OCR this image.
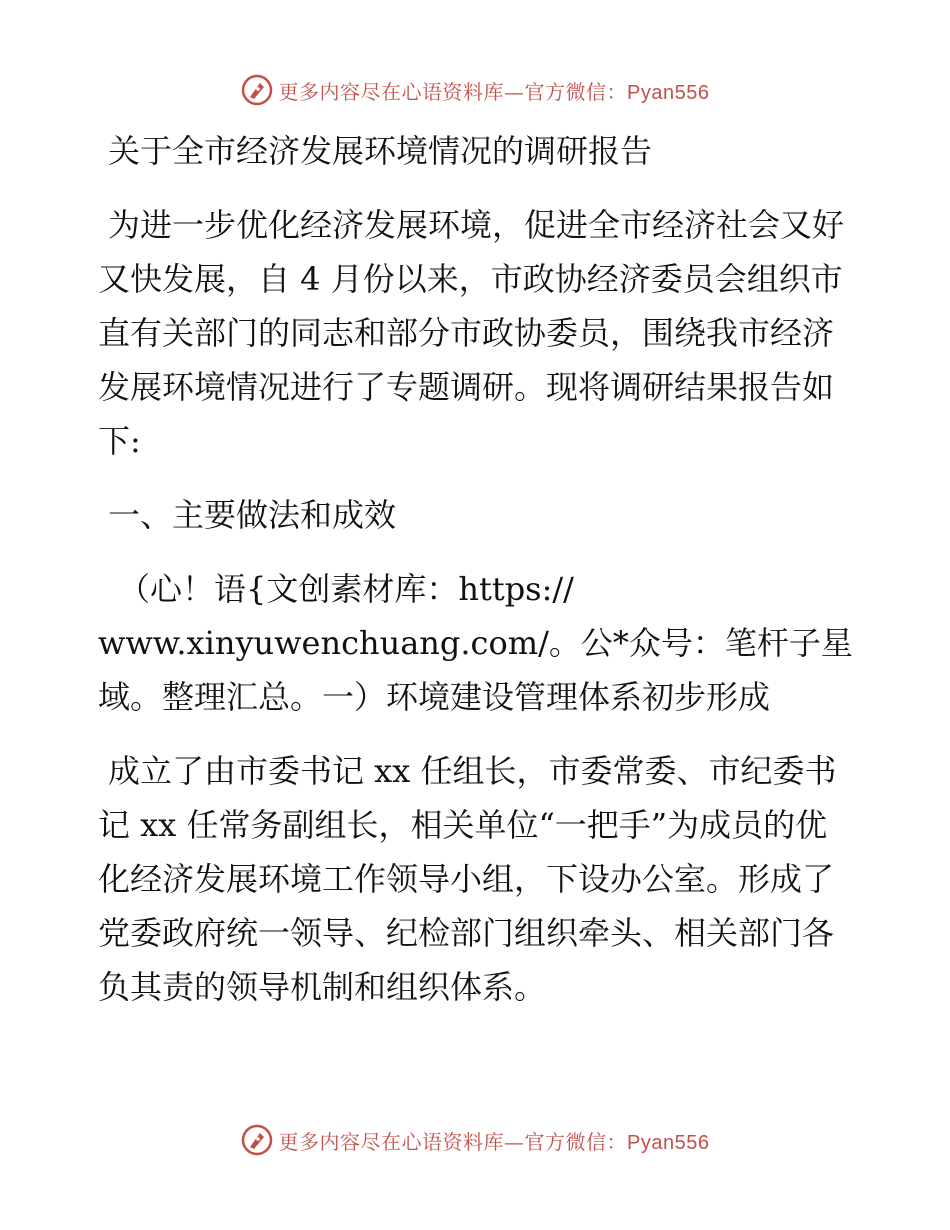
更多内容尽在心语资料库—官方微信：Pyan556

关于全市经济发展环境情况的调研报告

为进一步优化经济发展环境，促进全市经济社会又好又快发展，自 4 月份以来，市政协经济委员会组织市直有关部门的同志和部分市政协委员，围绕我市经济发展环境情况进行了专题调研。现将调研结果报告如下:

一、主要做法和成效

（心！语{文创素材库：https://
www.xinyuwenchuang.com/。公*众号：笔杆子星域。整理汇总。一）环境建设管理体系初步形成

成立了由市委书记 xx 任组长，市委常委、市纪委书记 xx 任常务副组长，相关单位“一把手”为成员的优化经济发展环境工作领导小组，下设办公室。形成了党委政府统一领导、纪检部门组织牵头、相关部门各负其责的领导机制和组织体系。

更多内容尽在心语资料库—官方微信：Pyan556
